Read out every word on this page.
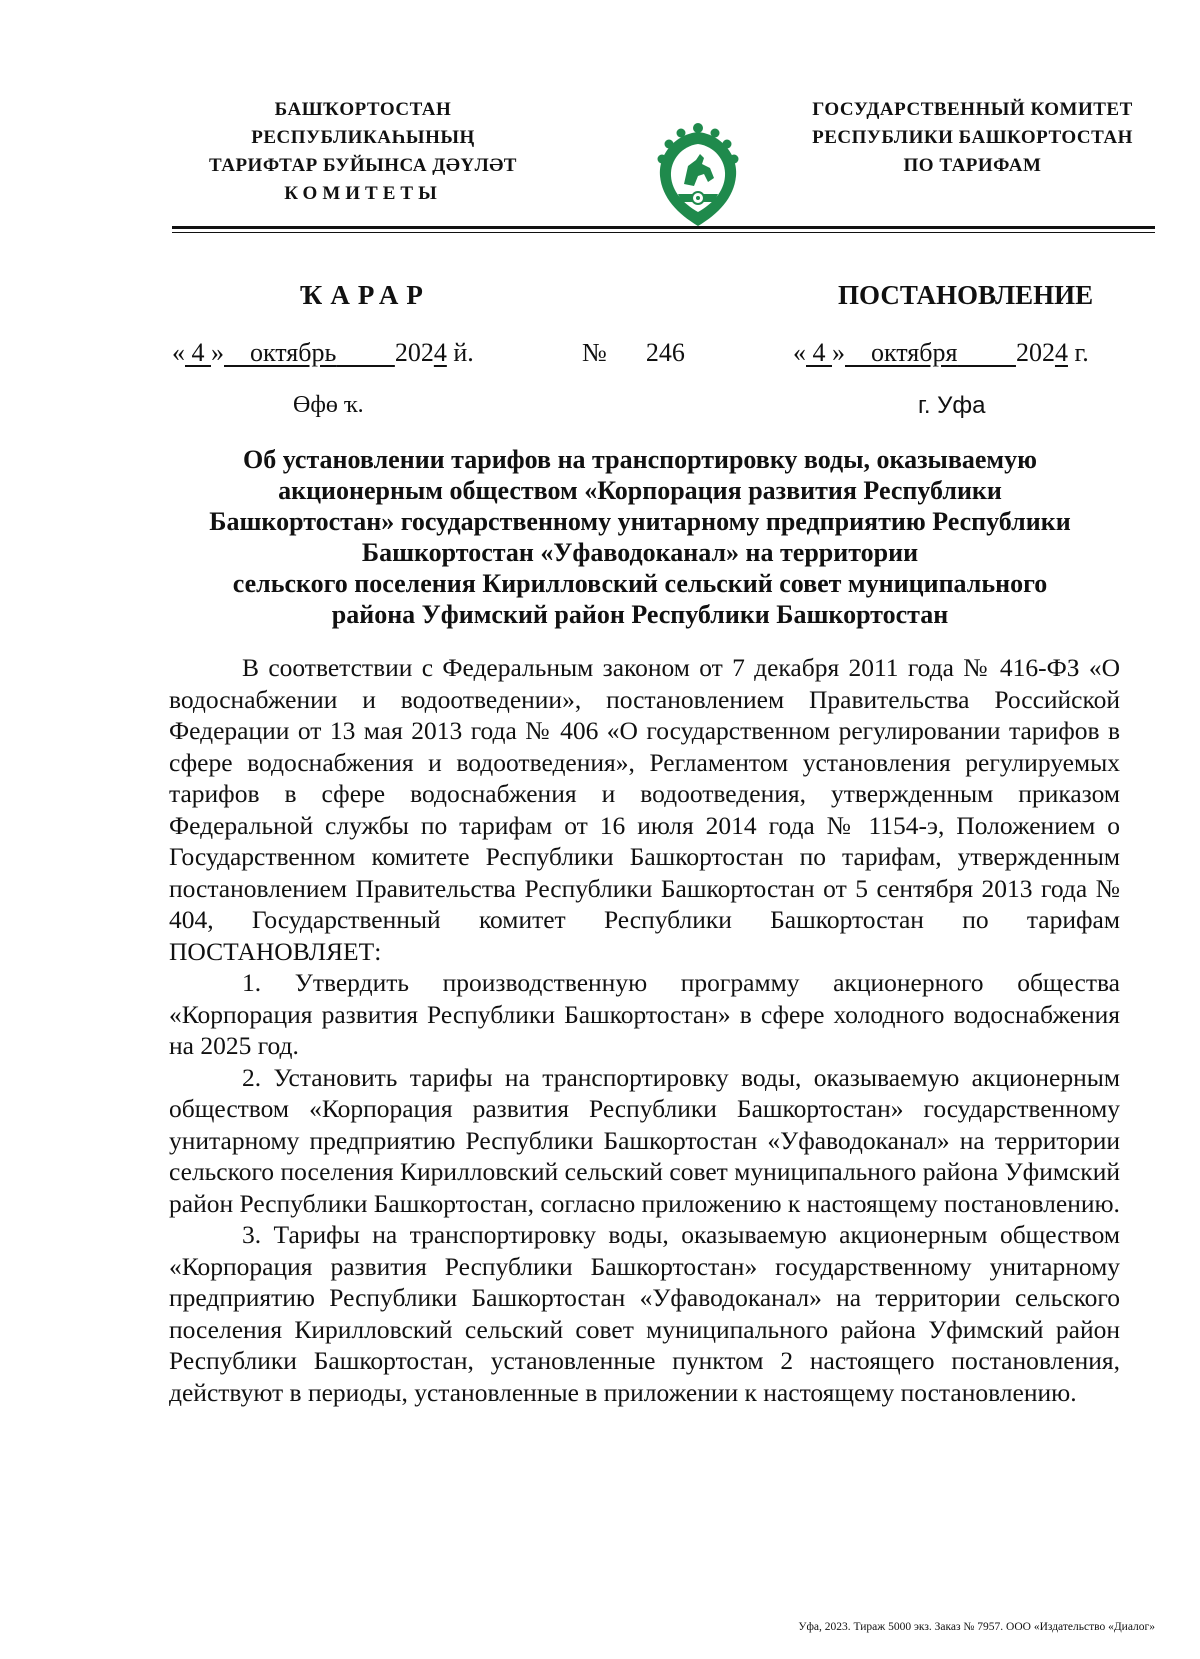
БАШҠОРТОСТАН РЕСПУБЛИКАҺЫНЫҢ
ТАРИФТАР БУЙЫНСА ДӘҮЛӘТ
КОМИТЕТЫ
ГОСУДАРСТВЕННЫЙ КОМИТЕТ
РЕСПУБЛИКИ БАШКОРТОСТАН
ПО ТАРИФАМ
ҠАРАР	ПОСТАНОВЛЕНИЕ
« 4 » октябрь 2024 й.	№ 246	« 4 » октября 2024 г.
Өфө ҡ.	г. Уфа
Об установлении тарифов на транспортировку воды, оказываемую
акционерным обществом «Корпорация развития Республики
Башкортостан» государственному унитарному предприятию Республики
Башкортостан «Уфаводоканал» на территории
сельского поселения Кирилловский сельский совет муниципального
района Уфимский район Республики Башкортостан

В соответствии с Федеральным законом от 7 декабря 2011 года № 416-ФЗ «О водоснабжении и водоотведении», постановлением Правительства Российской Федерации от 13 мая 2013 года № 406 «О государственном регулировании тарифов в сфере водоснабжения и водоотведения», Регламентом установления регулируемых тарифов в сфере водоснабжения и водоотведения, утвержденным приказом Федеральной службы по тарифам от 16 июля 2014 года № 1154-э, Положением о Государственном комитете Республики Башкортостан по тарифам, утвержденным постановлением Правительства Республики Башкортостан от 5 сентября 2013 года № 404, Государственный комитет Республики Башкортостан по тарифам ПОСТАНОВЛЯЕТ:

1. Утвердить производственную программу акционерного общества «Корпорация развития Республики Башкортостан» в сфере холодного водоснабжения на 2025 год.

2. Установить тарифы на транспортировку воды, оказываемую акционерным обществом «Корпорация развития Республики Башкортостан» государственному унитарному предприятию Республики Башкортостан «Уфаводоканал» на территории сельского поселения Кирилловский сельский совет муниципального района Уфимский район Республики Башкортостан, согласно приложению к настоящему постановлению.

3. Тарифы на транспортировку воды, оказываемую акционерным обществом «Корпорация развития Республики Башкортостан» государственному унитарному предприятию Республики Башкортостан «Уфаводоканал» на территории сельского поселения Кирилловский сельский совет муниципального района Уфимский район Республики Башкортостан, установленные пунктом 2 настоящего постановления, действуют в периоды, установленные в приложении к настоящему постановлению.

Уфа, 2023. Тираж 5000 экз. Заказ № 7957. ООО «Издательство «Диалог»
